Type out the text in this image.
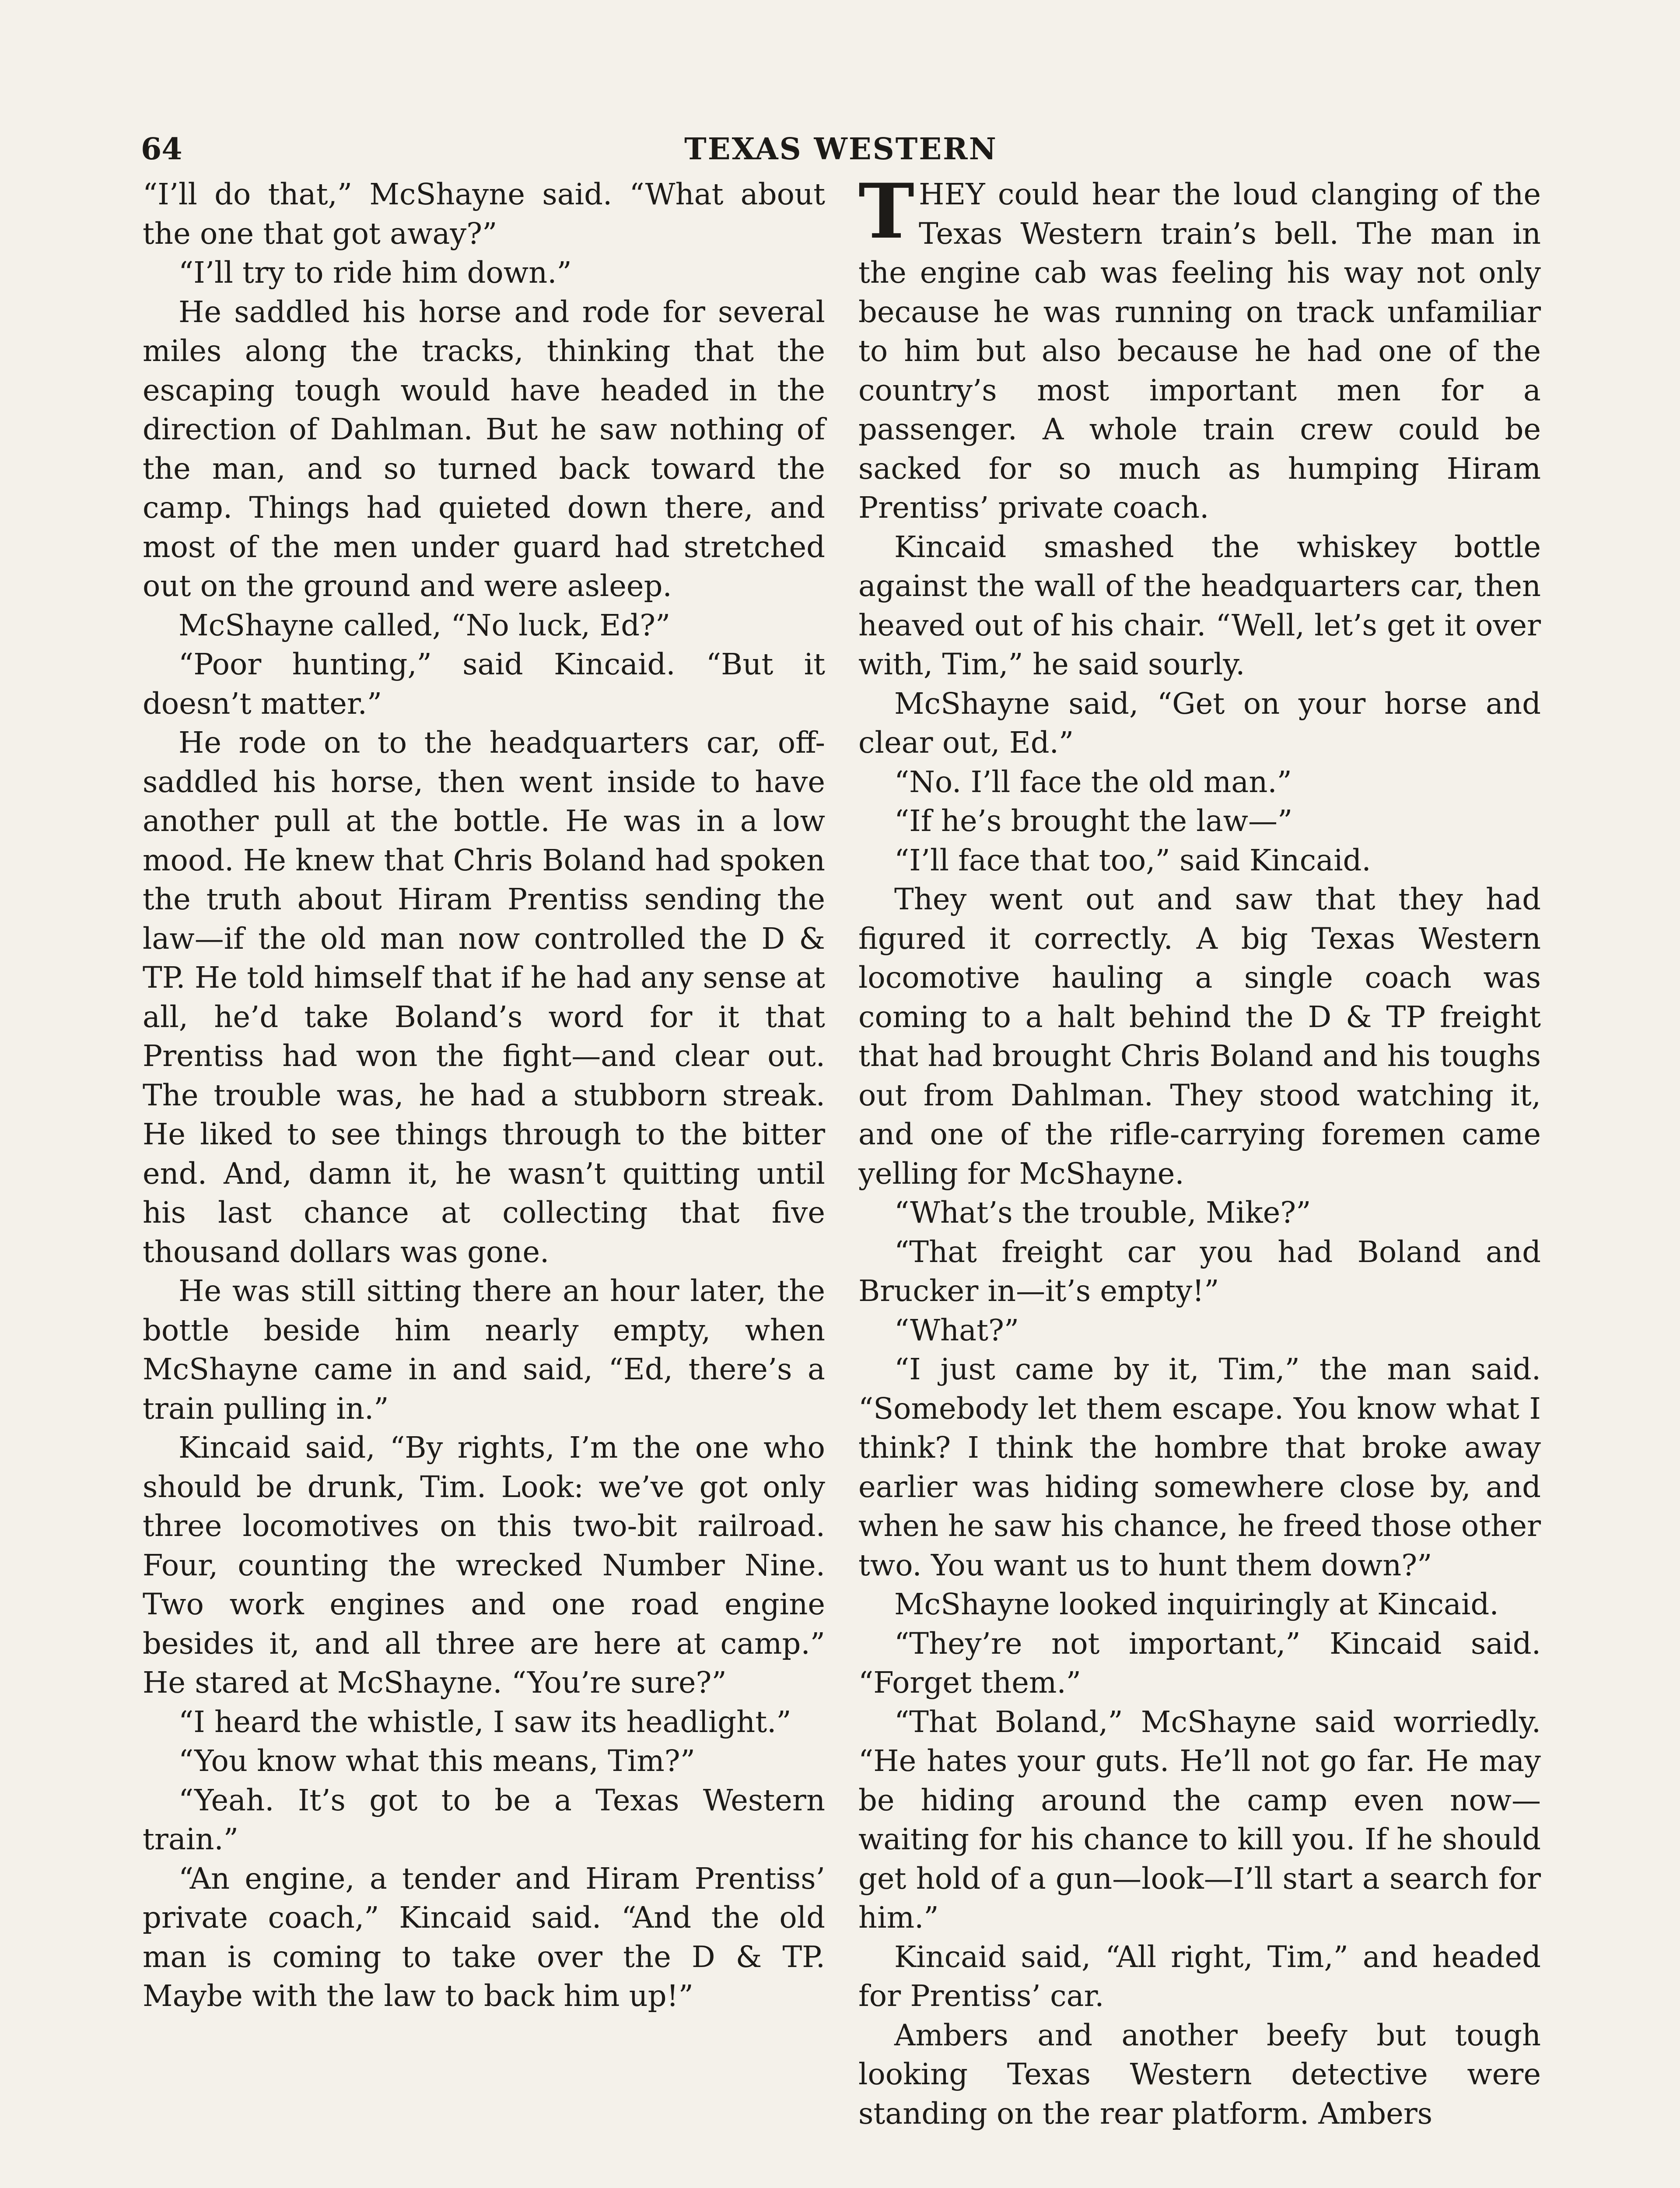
64	TEXAS WESTERN

“I’ll do that,” McShayne said. “What about the one that got away?”

“I’ll try to ride him down.”

He saddled his horse and rode for several miles along the tracks, thinking that the escaping tough would have headed in the direction of Dahlman. But he saw nothing of the man, and so turned back toward the camp. Things had quieted down there, and most of the men under guard had stretched out on the ground and were asleep.

McShayne called, “No luck, Ed?”

“Poor hunting,” said Kincaid. “But it doesn’t matter.”

He rode on to the headquarters car, off-saddled his horse, then went inside to have another pull at the bottle. He was in a low mood. He knew that Chris Boland had spoken the truth about Hiram Prentiss sending the law—if the old man now controlled the D & TP. He told himself that if he had any sense at all, he’d take Boland’s word for it that Prentiss had won the fight—and clear out. The trouble was, he had a stubborn streak. He liked to see things through to the bitter end. And, damn it, he wasn’t quitting until his last chance at collecting that five thousand dollars was gone.

He was still sitting there an hour later, the bottle beside him nearly empty, when McShayne came in and said, “Ed, there’s a train pulling in.”

Kincaid said, “By rights, I’m the one who should be drunk, Tim. Look: we’ve got only three locomotives on this two-bit railroad. Four, counting the wrecked Number Nine. Two work engines and one road engine besides it, and all three are here at camp.” He stared at McShayne. “You’re sure?”

“I heard the whistle, I saw its headlight.”

“You know what this means, Tim?”

“Yeah. It’s got to be a Texas Western train.”

“An engine, a tender and Hiram Prentiss’ private coach,” Kincaid said. “And the old man is coming to take over the D & TP. Maybe with the law to back him up!”

THEY could hear the loud clanging of the Texas Western train’s bell. The man in the engine cab was feeling his way not only because he was running on track unfamiliar to him but also because he had one of the country’s most important men for a passenger. A whole train crew could be sacked for so much as humping Hiram Prentiss’ private coach.

Kincaid smashed the whiskey bottle against the wall of the headquarters car, then heaved out of his chair. “Well, let’s get it over with, Tim,” he said sourly.

McShayne said, “Get on your horse and clear out, Ed.”

“No. I’ll face the old man.”

“If he’s brought the law—”

“I’ll face that too,” said Kincaid.

They went out and saw that they had figured it correctly. A big Texas Western locomotive hauling a single coach was coming to a halt behind the D & TP freight that had brought Chris Boland and his toughs out from Dahlman. They stood watching it, and one of the rifle-carrying foremen came yelling for McShayne.

“What’s the trouble, Mike?”

“That freight car you had Boland and Brucker in—it’s empty!”

“What?”

“I just came by it, Tim,” the man said. “Somebody let them escape. You know what I think? I think the hombre that broke away earlier was hiding somewhere close by, and when he saw his chance, he freed those other two. You want us to hunt them down?”

McShayne looked inquiringly at Kincaid.

“They’re not important,” Kincaid said. “Forget them.”

“That Boland,” McShayne said worriedly. “He hates your guts. He’ll not go far. He may be hiding around the camp even now—waiting for his chance to kill you. If he should get hold of a gun—look—I’ll start a search for him.”

Kincaid said, “All right, Tim,” and headed for Prentiss’ car.

Ambers and another beefy but tough looking Texas Western detective were standing on the rear platform. Ambers
